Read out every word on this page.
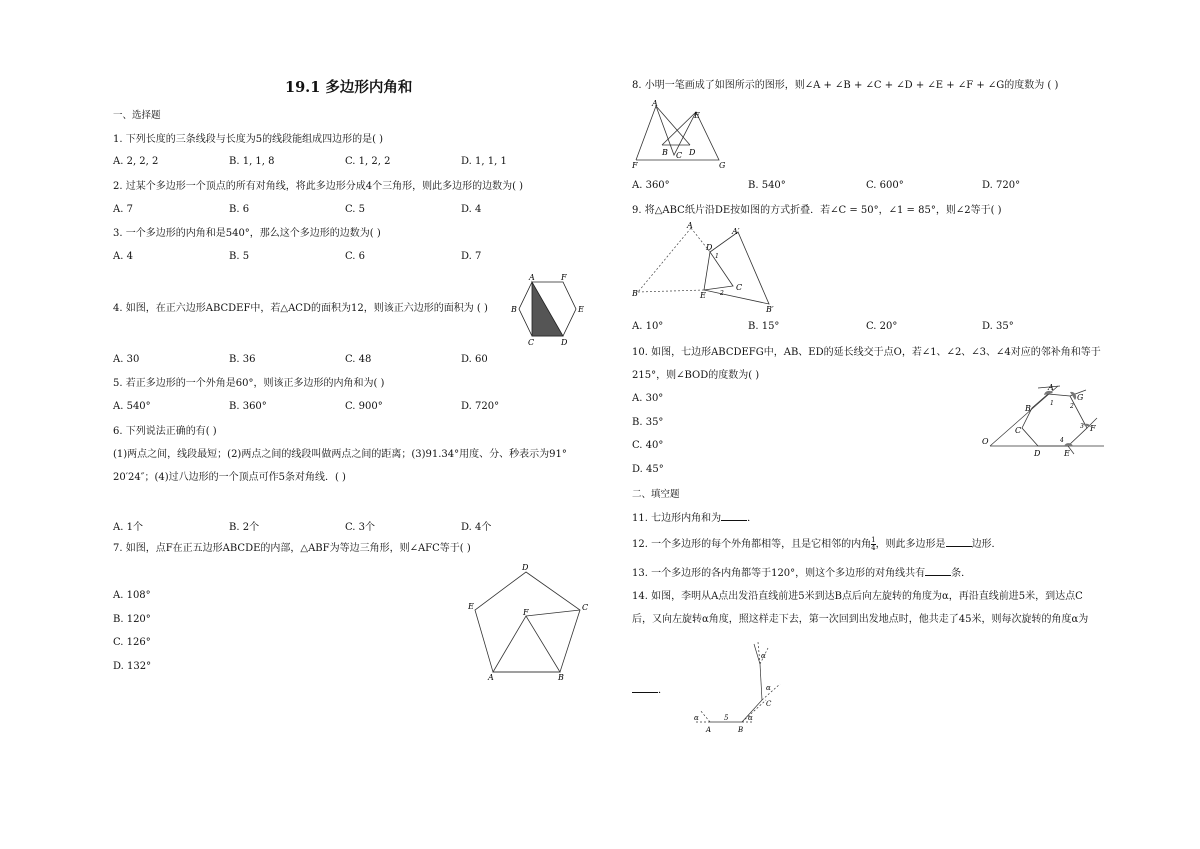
19.1 多边形内角和
一、选择题
1. 下列长度的三条线段与长度为5的线段能组成四边形的是( )
A. 2, 2, 2	B. 1, 1, 8	C. 1, 2, 2	D. 1, 1, 1
2. 过某个多边形一个顶点的所有对角线，将此多边形分成4个三角形，则此多边形的边数为( )
A. 7	B. 6	C. 5	D. 4
3. 一个多边形的内角和是540°，那么这个多边形的边数为( )
A. 4	B. 5	C. 6	D. 7
4. 如图，在正六边形ABCDEF中，若△ACD的面积为12，则该正六边形的面积为 ( )
A	F
B	E
C	D
A. 30	B. 36	C. 48	D. 60
5. 若正多边形的一个外角是60°，则该正多边形的内角和为( )
A. 540°	B. 360°	C. 900°	D. 720°
6. 下列说法正确的有( )
(1)两点之间，线段最短；(2)两点之间的线段叫做两点之间的距离；(3)91.34°用度、分、秒表示为91°
20′24″；(4)过八边形的一个顶点可作5条对角线．( )
A. 1个	B. 2个	C. 3个	D. 4个
7. 如图，点F在正五边形ABCDE的内部，△ABF为等边三角形，则∠AFC等于( )
A. 108°
B. 120°
C. 126°
D. 132°
D
E	C
F
A	B
8. 小明一笔画成了如图所示的图形，则∠A + ∠B + ∠C + ∠D + ∠E + ∠F + ∠G的度数为 ( )
A
E
B C D
F	G
A. 360°	B. 540°	C. 600°	D. 720°
9. 将△ABC纸片沿DE按如图的方式折叠．若∠C = 50°，∠1 = 85°，则∠2等于( )
A
A′
D
1
C
B	E 2
B′
A. 10°	B. 15°	C. 20°	D. 35°
10. 如图，七边形ABCDEFG中，AB、ED的延长线交于点O，若∠1、∠2、∠3、∠4对应的邻补角和等于
215°，则∠BOD的度数为( )
A. 30°
B. 35°
C. 40°
D. 45°
A
G
1	2
B
3 F
C
O
D
4
E
二、填空题
11. 七边形内角和为	．
12. 一个多边形的每个外角都相等，且是它相邻的内角 $\frac{1}{4}$ ，则此多边形是	边形．
13. 一个多边形的各内角都等于120°，则这个多边形的对角线共有	条．
14. 如图，李明从A点出发沿直线前进5米到达B点后向左旋转的角度为α，再沿直线前进5米，到达点C
后，又向左旋转α角度，照这样走下去，第一次回到出发地点时，他共走了45米，则每次旋转的角度α为
．
α
α
C
α
5
α
A	B
